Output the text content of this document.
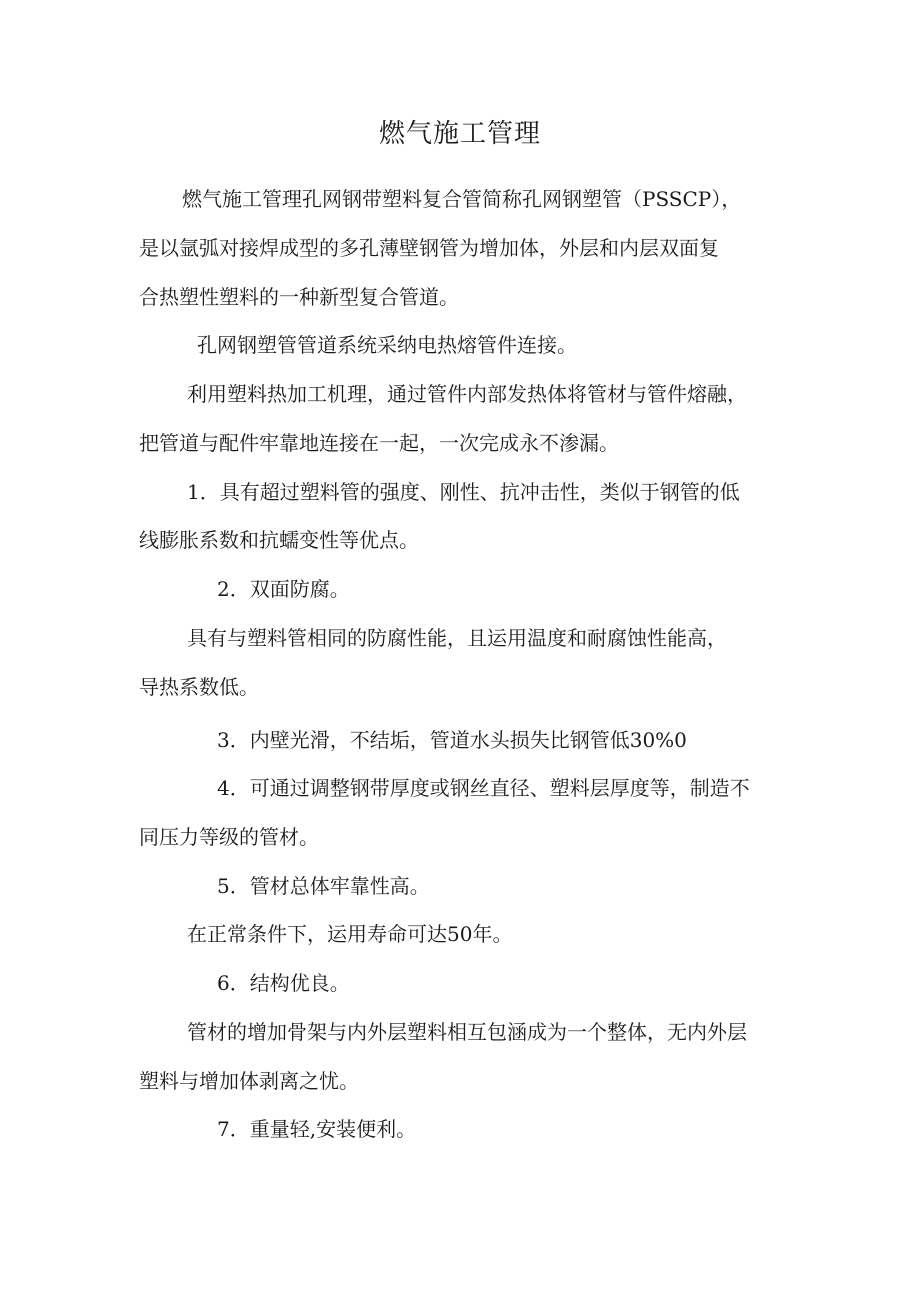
燃气施工管理
燃气施工管理孔网钢带塑料复合管简称孔网钢塑管（PSSCP），
是以氩弧对接焊成型的多孔薄壁钢管为增加体，外层和内层双面复
合热塑性塑料的一种新型复合管道。
孔网钢塑管管道系统采纳电热熔管件连接。
利用塑料热加工机理，通过管件内部发热体将管材与管件熔融，
把管道与配件牢靠地连接在一起，一次完成永不渗漏。
1．具有超过塑料管的强度、刚性、抗冲击性，类似于钢管的低
线膨胀系数和抗蠕变性等优点。
2．双面防腐。
具有与塑料管相同的防腐性能，且运用温度和耐腐蚀性能高，
导热系数低。
3．内壁光滑，不结垢，管道水头损失比钢管低30%0
4．可通过调整钢带厚度或钢丝直径、塑料层厚度等，制造不
同压力等级的管材。
5．管材总体牢靠性高。
在正常条件下，运用寿命可达50年。
6．结构优良。
管材的增加骨架与内外层塑料相互包涵成为一个整体，无内外层
塑料与增加体剥离之忧。
7．重量轻,安装便利。
